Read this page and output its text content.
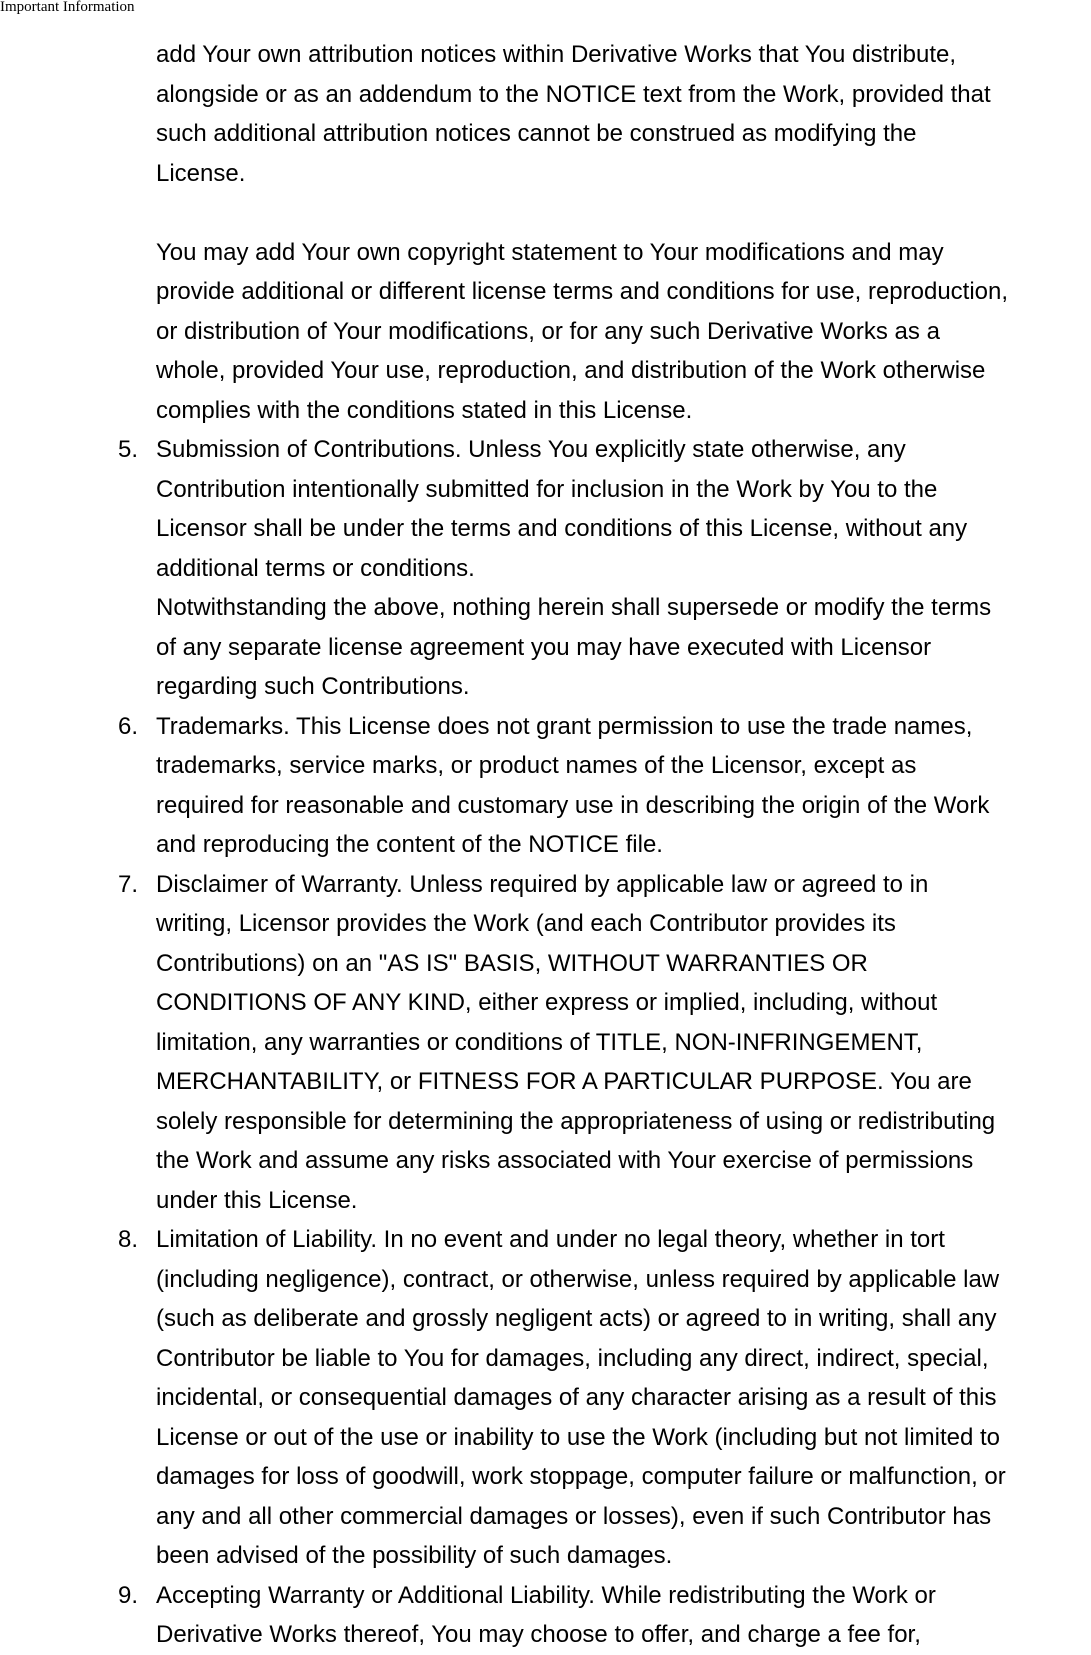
Important Information
add Your own attribution notices within Derivative Works that You distribute,
alongside or as an addendum to the NOTICE text from the Work, provided that
such additional attribution notices cannot be construed as modifying the
License.
You may add Your own copyright statement to Your modifications and may
provide additional or different license terms and conditions for use, reproduction,
or distribution of Your modifications, or for any such Derivative Works as a
whole, provided Your use, reproduction, and distribution of the Work otherwise
complies with the conditions stated in this License.
5. Submission of Contributions. Unless You explicitly state otherwise, any
Contribution intentionally submitted for inclusion in the Work by You to the
Licensor shall be under the terms and conditions of this License, without any
additional terms or conditions.
Notwithstanding the above, nothing herein shall supersede or modify the terms
of any separate license agreement you may have executed with Licensor
regarding such Contributions.
6. Trademarks. This License does not grant permission to use the trade names,
trademarks, service marks, or product names of the Licensor, except as
required for reasonable and customary use in describing the origin of the Work
and reproducing the content of the NOTICE file.
7. Disclaimer of Warranty. Unless required by applicable law or agreed to in
writing, Licensor provides the Work (and each Contributor provides its
Contributions) on an "AS IS" BASIS, WITHOUT WARRANTIES OR
CONDITIONS OF ANY KIND, either express or implied, including, without
limitation, any warranties or conditions of TITLE, NON-INFRINGEMENT,
MERCHANTABILITY, or FITNESS FOR A PARTICULAR PURPOSE. You are
solely responsible for determining the appropriateness of using or redistributing
the Work and assume any risks associated with Your exercise of permissions
under this License.
8. Limitation of Liability. In no event and under no legal theory, whether in tort
(including negligence), contract, or otherwise, unless required by applicable law
(such as deliberate and grossly negligent acts) or agreed to in writing, shall any
Contributor be liable to You for damages, including any direct, indirect, special,
incidental, or consequential damages of any character arising as a result of this
License or out of the use or inability to use the Work (including but not limited to
damages for loss of goodwill, work stoppage, computer failure or malfunction, or
any and all other commercial damages or losses), even if such Contributor has
been advised of the possibility of such damages.
9. Accepting Warranty or Additional Liability. While redistributing the Work or
Derivative Works thereof, You may choose to offer, and charge a fee for,
